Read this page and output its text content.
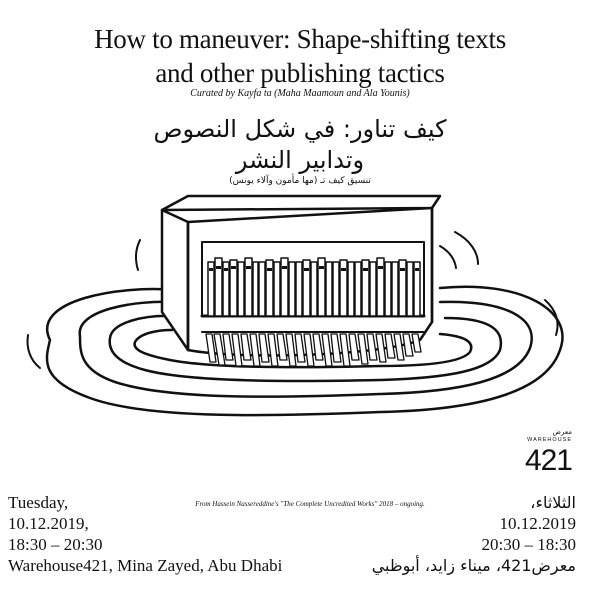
How to maneuver: Shape-shifting texts
and other publishing tactics
Curated by Kayfa ta (Maha Maamoun and Ala Younis)
كيف تناور: في شكل النصوص
وتدابير النشر
تنسيق كيف تـ (مها مأمون وآلاء يونس)
From Hassein Nassereddine's "The Complete Uncredited Works" 2018 – ongoing.
معرض
WAREHOUSE
421
Tuesday,
10.12.2019,
18:30 – 20:30
Warehouse421, Mina Zayed, Abu Dhabi
الثلاثاء،
10.12.2019
20:30 – 18:30
معرض421، ميناء زايد، أبوظبي
